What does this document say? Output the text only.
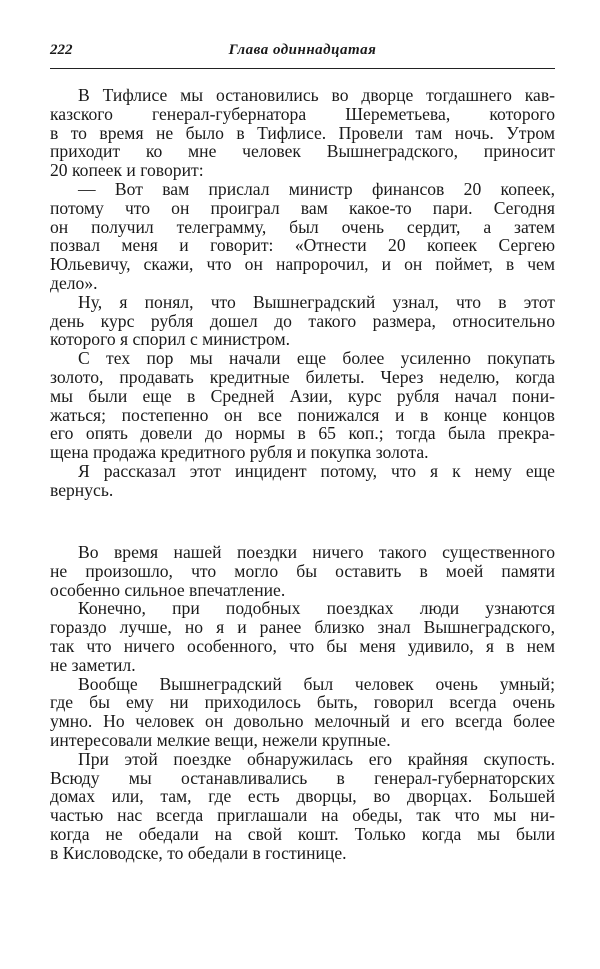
222	Глава одиннадцатая
В Тифлисе мы остановились во дворце тогдашнего кав-
казского генерал-губернатора Шереметьева, которого
в то время не было в Тифлисе. Провели там ночь. Утром
приходит ко мне человек Вышнеградского, приносит
20 копеек и говорит:
— Вот вам прислал министр финансов 20 копеек,
потому что он проиграл вам какое-то пари. Сегодня
он получил телеграмму, был очень сердит, а затем
позвал меня и говорит: «Отнести 20 копеек Сергею
Юльевичу, скажи, что он напророчил, и он поймет, в чем
дело».
Ну, я понял, что Вышнеградский узнал, что в этот
день курс рубля дошел до такого размера, относительно
которого я спорил с министром.
С тех пор мы начали еще более усиленно покупать
золото, продавать кредитные билеты. Через неделю, когда
мы были еще в Средней Азии, курс рубля начал пони-
жаться; постепенно он все понижался и в конце концов
его опять довели до нормы в 65 коп.; тогда была прекра-
щена продажа кредитного рубля и покупка золота.
Я рассказал этот инцидент потому, что я к нему еще
вернусь.
Во время нашей поездки ничего такого существенного
не произошло, что могло бы оставить в моей памяти
особенно сильное впечатление.
Конечно, при подобных поездках люди узнаются
гораздо лучше, но я и ранее близко знал Вышнеградского,
так что ничего особенного, что бы меня удивило, я в нем
не заметил.
Вообще Вышнеградский был человек очень умный;
где бы ему ни приходилось быть, говорил всегда очень
умно. Но человек он довольно мелочный и его всегда более
интересовали мелкие вещи, нежели крупные.
При этой поездке обнаружилась его крайняя скупость.
Всюду мы останавливались в генерал-губернаторских
домах или, там, где есть дворцы, во дворцах. Большей
частью нас всегда приглашали на обеды, так что мы ни-
когда не обедали на свой кошт. Только когда мы были
в Кисловодске, то обедали в гостинице.
